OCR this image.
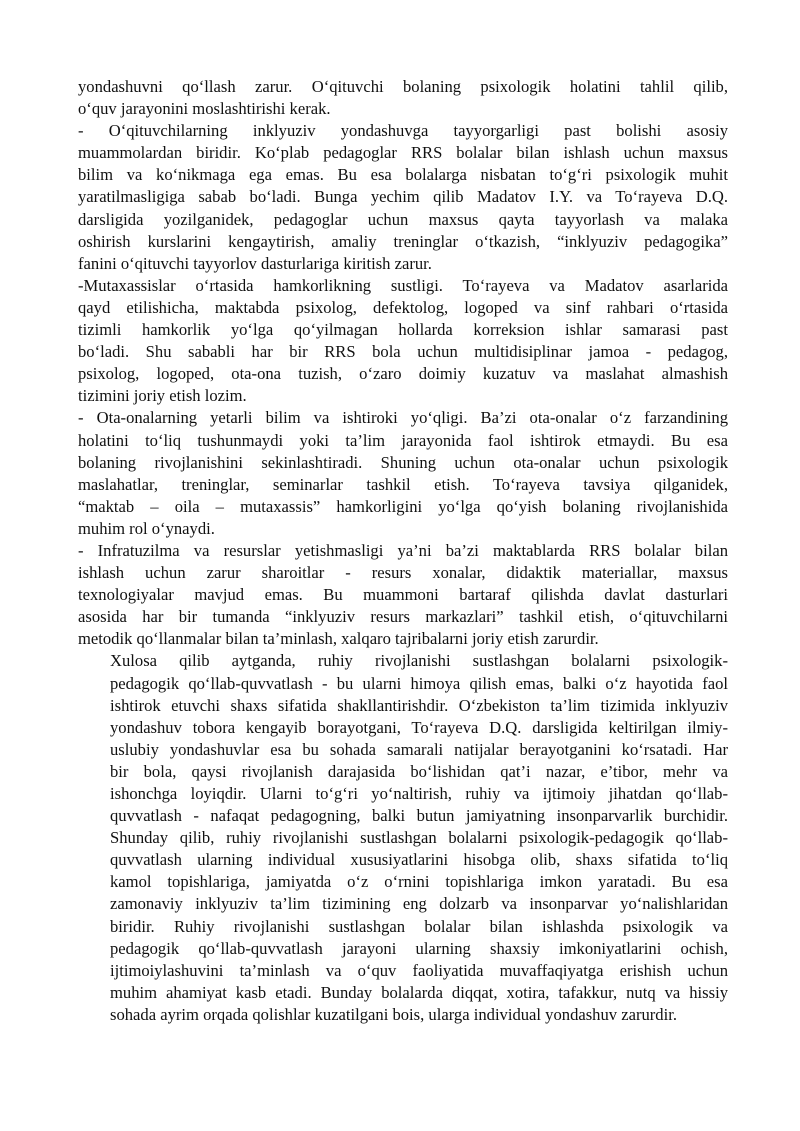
yondashuvni qo‘llash zarur. O‘qituvchi bolaning psixologik holatini tahlil qilib,
o‘quv jarayonini moslashtirishi kerak.
- O‘qituvchilarning inklyuziv yondashuvga tayyorgarligi past bolishi asosiy
muammolardan biridir. Ko‘plab pedagoglar RRS bolalar bilan ishlash uchun maxsus
bilim va ko‘nikmaga ega emas. Bu esa bolalarga nisbatan to‘g‘ri psixologik muhit
yaratilmasligiga sabab bo‘ladi. Bunga yechim qilib Madatov I.Y. va To‘rayeva D.Q.
darsligida yozilganidek, pedagoglar uchun maxsus qayta tayyorlash va malaka
oshirish kurslarini kengaytirish, amaliy treninglar o‘tkazish, “inklyuziv pedagogika”
fanini o‘qituvchi tayyorlov dasturlariga kiritish zarur.
-Mutaxassislar o‘rtasida hamkorlikning sustligi. To‘rayeva va Madatov asarlarida
qayd etilishicha, maktabda psixolog, defektolog, logoped va sinf rahbari o‘rtasida
tizimli hamkorlik yo‘lga qo‘yilmagan hollarda korreksion ishlar samarasi past
bo‘ladi. Shu sababli har bir RRS bola uchun multidisiplinar jamoa - pedagog,
psixolog, logoped, ota-ona tuzish, o‘zaro doimiy kuzatuv va maslahat almashish
tizimini joriy etish lozim.
- Ota-onalarning yetarli bilim va ishtiroki yo‘qligi. Ba’zi ota-onalar o‘z farzandining
holatini to‘liq tushunmaydi yoki ta’lim jarayonida faol ishtirok etmaydi. Bu esa
bolaning rivojlanishini sekinlashtiradi. Shuning uchun ota-onalar uchun psixologik
maslahatlar, treninglar, seminarlar tashkil etish. To‘rayeva tavsiya qilganidek,
“maktab – oila – mutaxassis” hamkorligini yo‘lga qo‘yish bolaning rivojlanishida
muhim rol o‘ynaydi.
- Infratuzilma va resurslar yetishmasligi ya’ni ba’zi maktablarda RRS bolalar bilan
ishlash uchun zarur sharoitlar - resurs xonalar, didaktik materiallar, maxsus
texnologiyalar mavjud emas. Bu muammoni bartaraf qilishda davlat dasturlari
asosida har bir tumanda “inklyuziv resurs markazlari” tashkil etish, o‘qituvchilarni
metodik qo‘llanmalar bilan ta’minlash, xalqaro tajribalarni joriy etish zarurdir.
Xulosa qilib aytganda, ruhiy rivojlanishi sustlashgan bolalarni psixologik-
pedagogik qo‘llab-quvvatlash - bu ularni himoya qilish emas, balki o‘z hayotida faol
ishtirok etuvchi shaxs sifatida shakllantirishdir. O‘zbekiston ta’lim tizimida inklyuziv
yondashuv tobora kengayib borayotgani, To‘rayeva D.Q. darsligida keltirilgan ilmiy-
uslubiy yondashuvlar esa bu sohada samarali natijalar berayotganini ko‘rsatadi. Har
bir bola, qaysi rivojlanish darajasida bo‘lishidan qat’i nazar, e’tibor, mehr va
ishonchga loyiqdir. Ularni to‘g‘ri yo‘naltirish, ruhiy va ijtimoiy jihatdan qo‘llab-
quvvatlash - nafaqat pedagogning, balki butun jamiyatning insonparvarlik burchidir.
Shunday qilib, ruhiy rivojlanishi sustlashgan bolalarni psixologik-pedagogik qo‘llab-
quvvatlash ularning individual xususiyatlarini hisobga olib, shaxs sifatida to‘liq
kamol topishlariga, jamiyatda o‘z o‘rnini topishlariga imkon yaratadi. Bu esa
zamonaviy inklyuziv ta’lim tizimining eng dolzarb va insonparvar yo‘nalishlaridan
biridir. Ruhiy rivojlanishi sustlashgan bolalar bilan ishlashda psixologik va
pedagogik qo‘llab-quvvatlash jarayoni ularning shaxsiy imkoniyatlarini ochish,
ijtimoiylashuvini ta’minlash va o‘quv faoliyatida muvaffaqiyatga erishish uchun
muhim ahamiyat kasb etadi. Bunday bolalarda diqqat, xotira, tafakkur, nutq va hissiy
sohada ayrim orqada qolishlar kuzatilgani bois, ularga individual yondashuv zarurdir.
